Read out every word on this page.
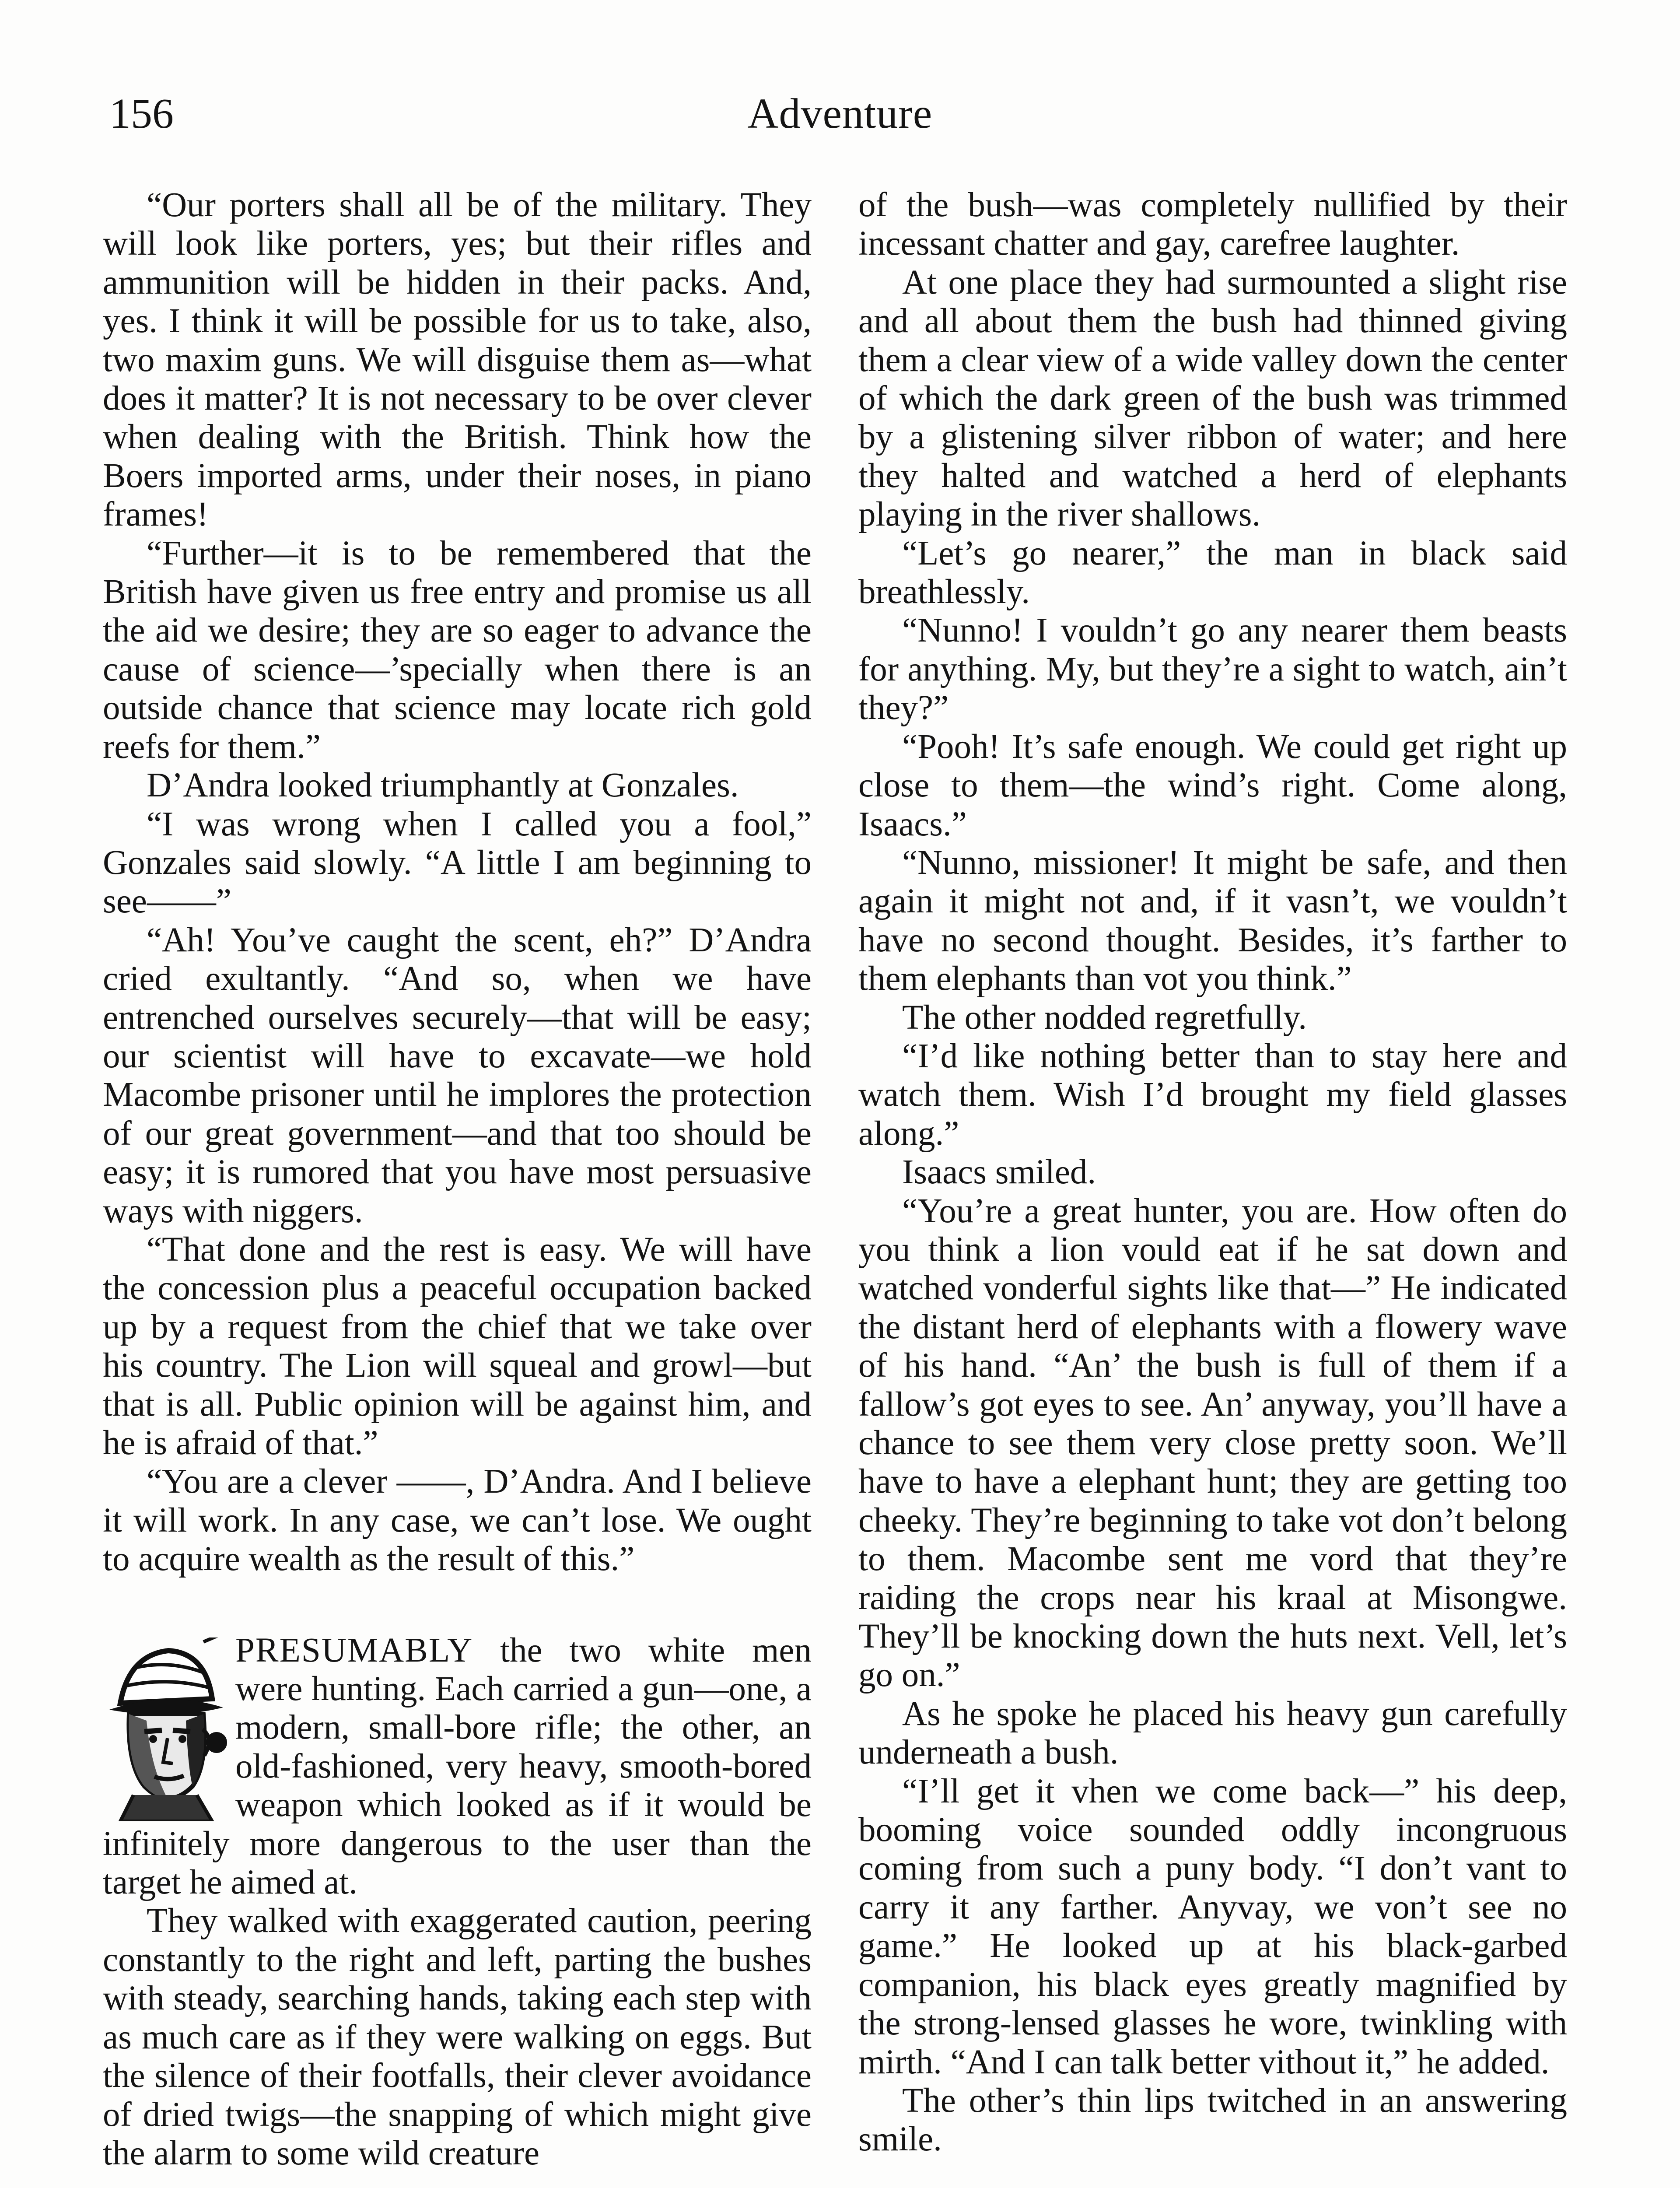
156	Adventure

“Our porters shall all be of the military. They will look like porters, yes; but their rifles and ammunition will be hidden in their packs. And, yes. I think it will be possible for us to take, also, two maxim guns. We will disguise them as—what does it matter? It is not necessary to be over clever when dealing with the British. Think how the Boers imported arms, under their noses, in piano frames!

“Further—it is to be remembered that the British have given us free entry and promise us all the aid we desire; they are so eager to advance the cause of science—’specially when there is an outside chance that science may locate rich gold reefs for them.”

D’Andra looked triumphantly at Gonzales.

“I was wrong when I called you a fool,” Gonzales said slowly. “A little I am beginning to see——”

“Ah! You’ve caught the scent, eh?” D’Andra cried exultantly. “And so, when we have entrenched ourselves securely—that will be easy; our scientist will have to excavate—we hold Macombe prisoner until he implores the protection of our great government—and that too should be easy; it is rumored that you have most persuasive ways with niggers.

“That done and the rest is easy. We will have the concession plus a peaceful occupation backed up by a request from the chief that we take over his country. The Lion will squeal and growl—but that is all. Public opinion will be against him, and he is afraid of that.”

“You are a clever ——, D’Andra. And I believe it will work. In any case, we can’t lose. We ought to acquire wealth as the result of this.”

PRESUMABLY the two white men were hunting. Each carried a gun—one, a modern, small-bore rifle; the other, an old-fashioned, very heavy, smooth-bored weapon which looked as if it would be infinitely more dangerous to the user than the target he aimed at.

They walked with exaggerated caution, peering constantly to the right and left, parting the bushes with steady, searching hands, taking each step with as much care as if they were walking on eggs. But the silence of their footfalls, their clever avoidance of dried twigs—the snapping of which might give the alarm to some wild creature

of the bush—was completely nullified by their incessant chatter and gay, carefree laughter.

At one place they had surmounted a slight rise and all about them the bush had thinned giving them a clear view of a wide valley down the center of which the dark green of the bush was trimmed by a glistening silver ribbon of water; and here they halted and watched a herd of elephants playing in the river shallows.

“Let’s go nearer,” the man in black said breathlessly.

“Nunno! I vouldn’t go any nearer them beasts for anything. My, but they’re a sight to watch, ain’t they?”

“Pooh! It’s safe enough. We could get right up close to them—the wind’s right. Come along, Isaacs.”

“Nunno, missioner! It might be safe, and then again it might not and, if it vasn’t, we vouldn’t have no second thought. Besides, it’s farther to them elephants than vot you think.”

The other nodded regretfully.

“I’d like nothing better than to stay here and watch them. Wish I’d brought my field glasses along.”

Isaacs smiled.

“You’re a great hunter, you are. How often do you think a lion vould eat if he sat down and watched vonderful sights like that—” He indicated the distant herd of elephants with a flowery wave of his hand. “An’ the bush is full of them if a fallow’s got eyes to see. An’ anyway, you’ll have a chance to see them very close pretty soon. We’ll have to have a elephant hunt; they are getting too cheeky. They’re beginning to take vot don’t belong to them. Macombe sent me vord that they’re raiding the crops near his kraal at Misongwe. They’ll be knocking down the huts next. Vell, let’s go on.”

As he spoke he placed his heavy gun carefully underneath a bush.

“I’ll get it vhen we come back—” his deep, booming voice sounded oddly incongruous coming from such a puny body. “I don’t vant to carry it any farther. Anyvay, we von’t see no game.” He looked up at his black-garbed companion, his black eyes greatly magnified by the strong-lensed glasses he wore, twinkling with mirth. “And I can talk better vithout it,” he added.

The other’s thin lips twitched in an answering smile.
